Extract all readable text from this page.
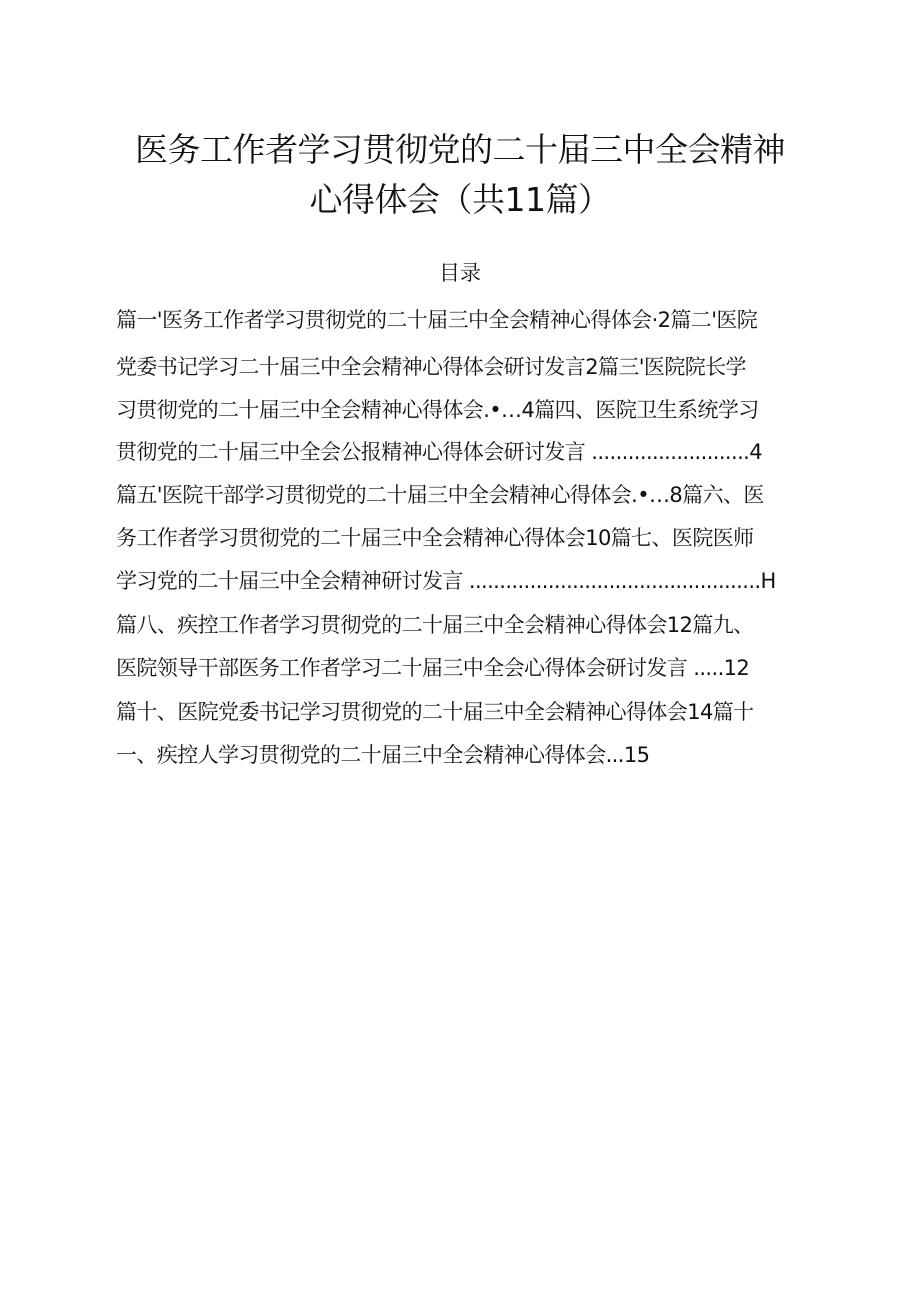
医务工作者学习贯彻党的二十届三中全会精神
心得体会（共11篇）
目录
篇一'医务工作者学习贯彻党的二十届三中全会精神心得体会·2篇二'医院
党委书记学习二十届三中全会精神心得体会研讨发言2篇三'医院院长学
习贯彻党的二十届三中全会精神心得体会.•…4篇四、医院卫生系统学习
贯彻党的二十届三中全会公报精神心得体会研讨发言 ..........................4
篇五'医院干部学习贯彻党的二十届三中全会精神心得体会.•…8篇六、医
务工作者学习贯彻党的二十届三中全会精神心得体会10篇七、医院医师
学习党的二十届三中全会精神研讨发言 ................................................H
篇八、疾控工作者学习贯彻党的二十届三中全会精神心得体会12篇九、
医院领导干部医务工作者学习二十届三中全会心得体会研讨发言 .....12
篇十、医院党委书记学习贯彻党的二十届三中全会精神心得体会14篇十
一、疾控人学习贯彻党的二十届三中全会精神心得体会...15
